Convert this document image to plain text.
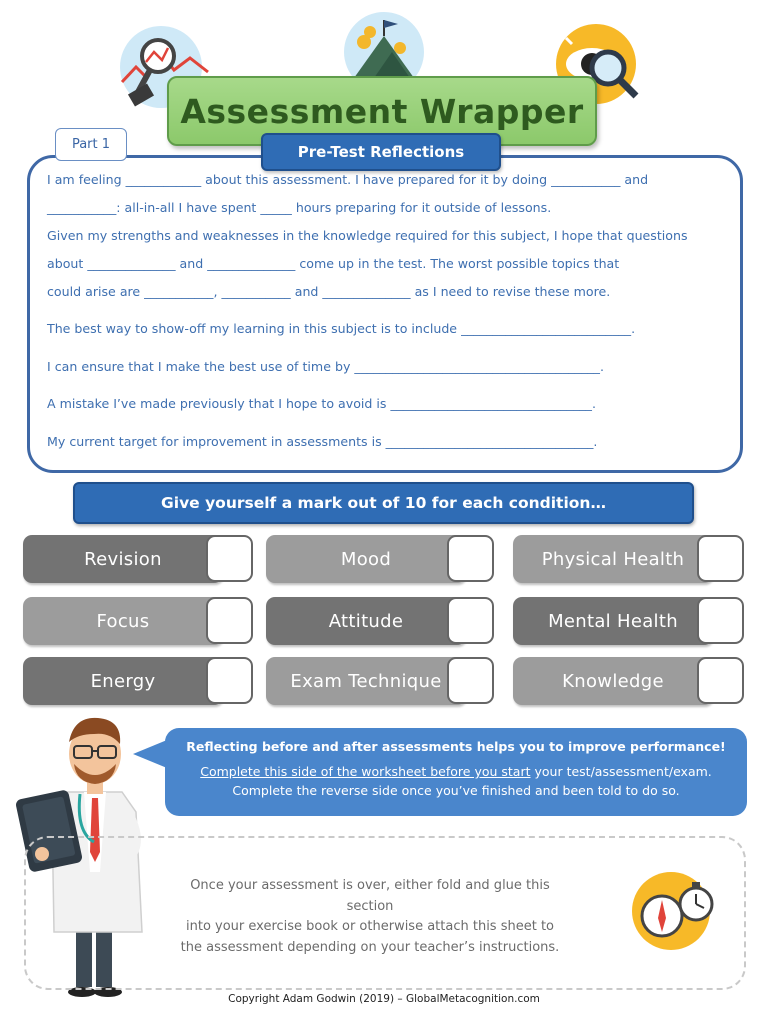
Assessment Wrapper
Part 1	Pre-Test Reflections
I am feeling ____________ about this assessment. I have prepared for it by doing ___________ and
___________: all-in-all I have spent _____ hours preparing for it outside of lessons.
Given my strengths and weaknesses in the knowledge required for this subject, I hope that questions
about ______________ and ______________ come up in the test. The worst possible topics that
could arise are ___________, ___________ and ______________ as I need to revise these more.
The best way to show-off my learning in this subject is to include ___________________________.
I can ensure that I make the best use of time by _______________________________________.
A mistake I’ve made previously that I hope to avoid is ________________________________.
My current target for improvement in assessments is _________________________________.
Give yourself a mark out of 10 for each condition…
Revision	Mood	Physical Health
Focus	Attitude	Mental Health
Energy	Exam Technique	Knowledge
Reflecting before and after assessments helps you to improve performance!
Complete this side of the worksheet before you start your test/assessment/exam.
Complete the reverse side once you’ve finished and been told to do so.
Once your assessment is over, either fold and glue this section
into your exercise book or otherwise attach this sheet to
the assessment depending on your teacher’s instructions.
Copyright Adam Godwin (2019) – GlobalMetacognition.com
